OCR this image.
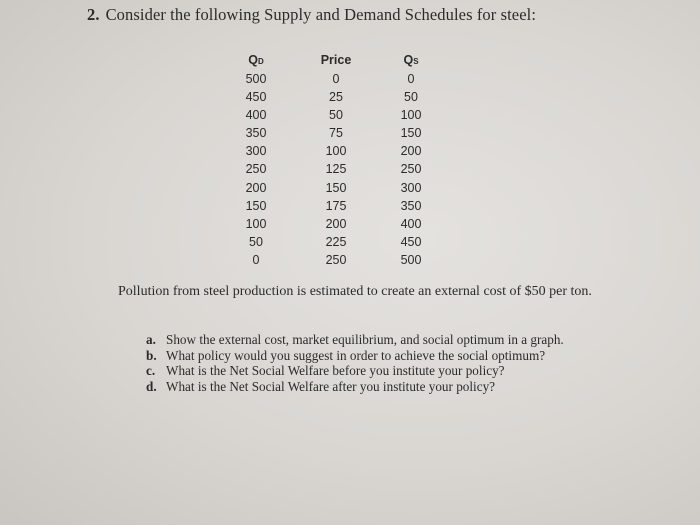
2. Consider the following Supply and Demand Schedules for steel:
QD
500
450
400
350
300
250
200
150
100
50
0
Price
0
25
50
75
100
125
150
175
200
225
250
QS
0
50
100
150
200
250
300
350
400
450
500

Pollution from steel production is estimated to create an external cost of $50 per ton.

a. Show the external cost, market equilibrium, and social optimum in a graph.
b. What policy would you suggest in order to achieve the social optimum?
c. What is the Net Social Welfare before you institute your policy?
d. What is the Net Social Welfare after you institute your policy?
